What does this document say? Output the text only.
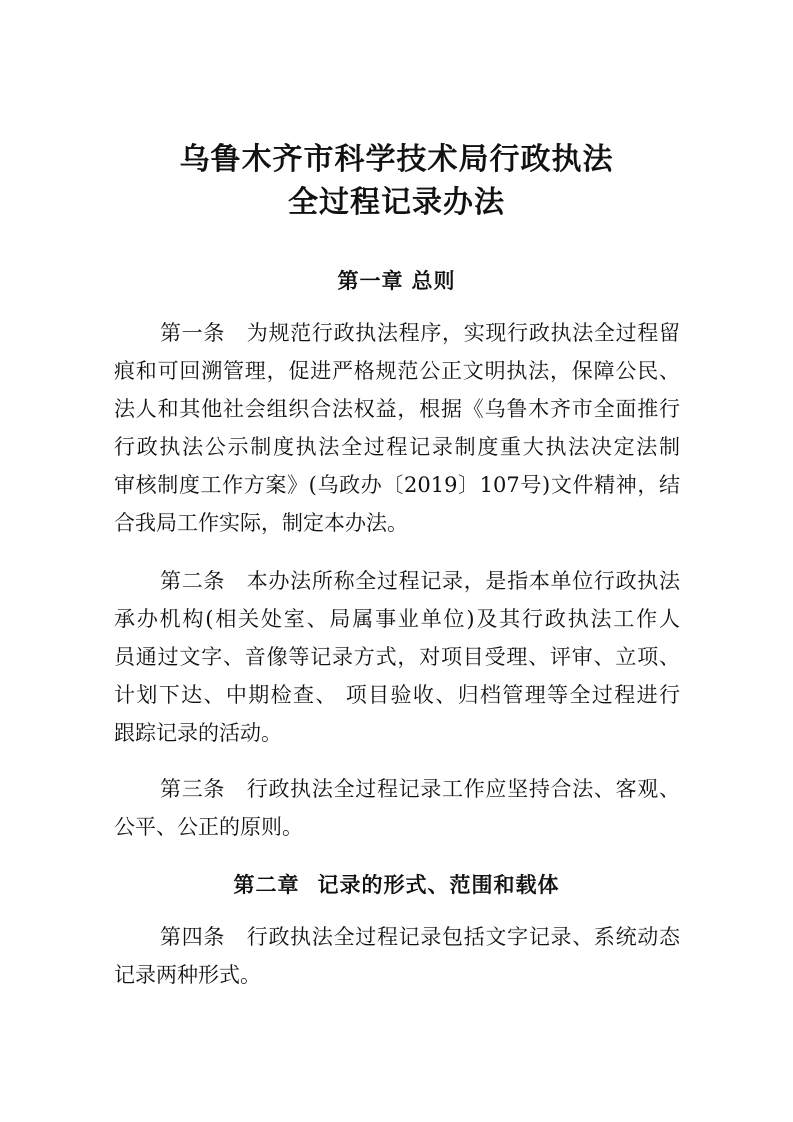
乌鲁木齐市科学技术局行政执法
全过程记录办法
第一章 总则
第一条　为规范行政执法程序，实现行政执法全过程留
痕和可回溯管理，促进严格规范公正文明执法，保障公民、
法人和其他社会组织合法权益，根据《乌鲁木齐市全面推行
行政执法公示制度执法全过程记录制度重大执法决定法制
审核制度工作方案》(乌政办〔2019〕107号)文件精神，结
合我局工作实际，制定本办法。
第二条　本办法所称全过程记录，是指本单位行政执法
承办机构(相关处室、局属事业单位)及其行政执法工作人
员通过文字、音像等记录方式，对项目受理、评审、立项、
计划下达、中期检查、 项目验收、归档管理等全过程进行
跟踪记录的活动。
第三条　行政执法全过程记录工作应坚持合法、客观、
公平、公正的原则。
第二章 记录的形式、范围和载体
第四条　行政执法全过程记录包括文字记录、系统动态
记录两种形式。
